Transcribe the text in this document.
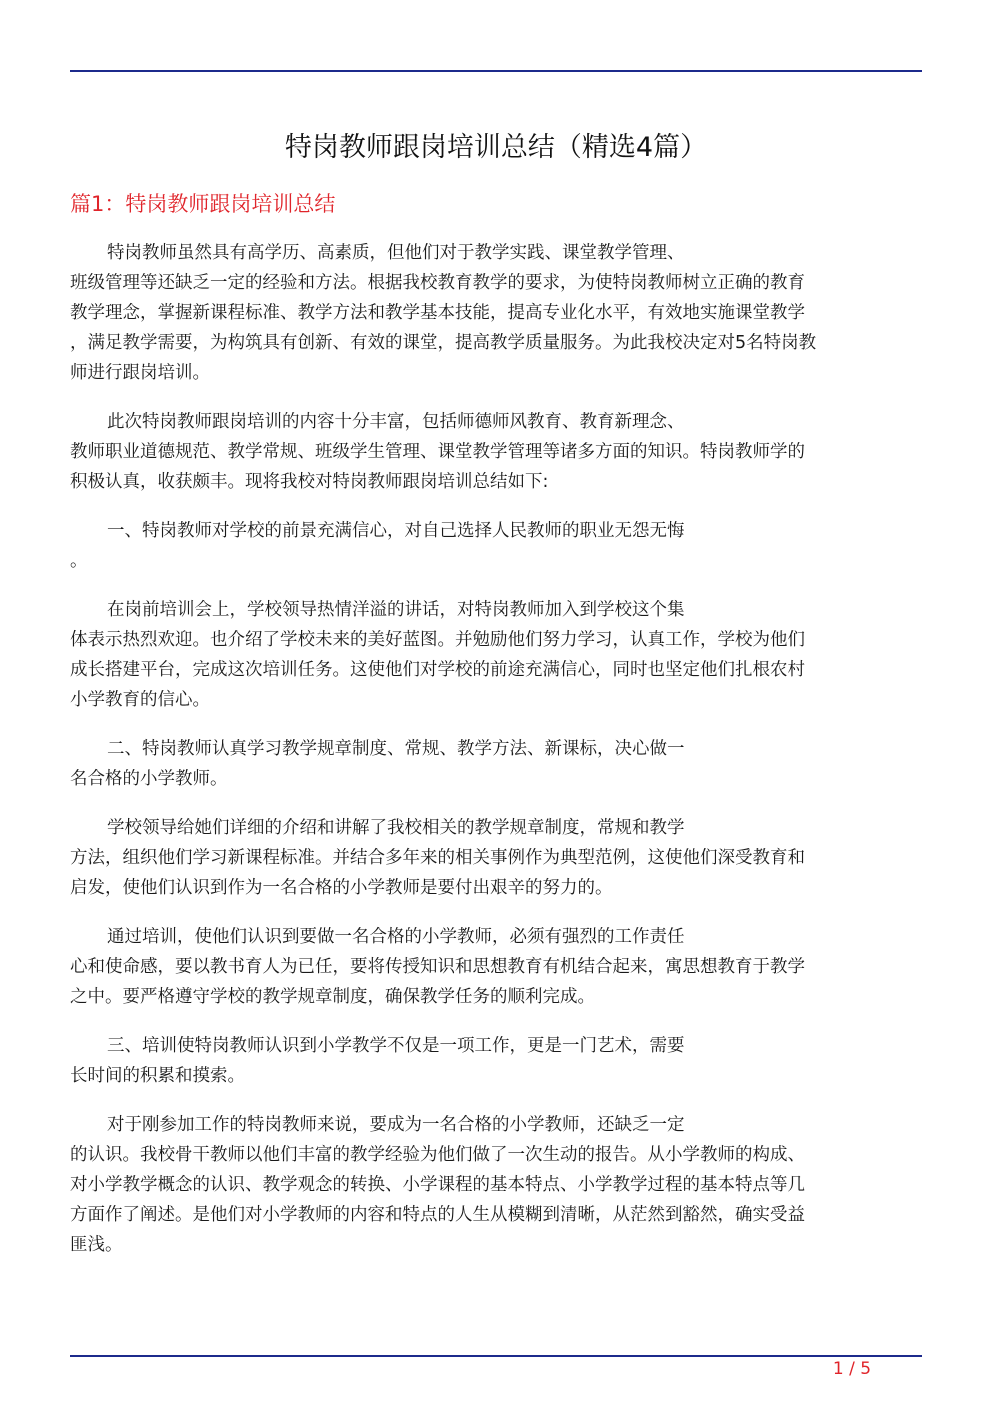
特岗教师跟岗培训总结（精选4篇）
篇1：特岗教师跟岗培训总结
特岗教师虽然具有高学历、高素质，但他们对于教学实践、课堂教学管理、
班级管理等还缺乏一定的经验和方法。根据我校教育教学的要求，为使特岗教师树立正确的教育
教学理念，掌握新课程标准、教学方法和教学基本技能，提高专业化水平，有效地实施课堂教学
，满足教学需要，为构筑具有创新、有效的课堂，提高教学质量服务。为此我校决定对5名特岗教
师进行跟岗培训。
此次特岗教师跟岗培训的内容十分丰富，包括师德师风教育、教育新理念、
教师职业道德规范、教学常规、班级学生管理、课堂教学管理等诸多方面的知识。特岗教师学的
积极认真，收获颇丰。现将我校对特岗教师跟岗培训总结如下:
一、特岗教师对学校的前景充满信心，对自己选择人民教师的职业无怨无悔
。
在岗前培训会上，学校领导热情洋溢的讲话，对特岗教师加入到学校这个集
体表示热烈欢迎。也介绍了学校未来的美好蓝图。并勉励他们努力学习，认真工作，学校为他们
成长搭建平台，完成这次培训任务。这使他们对学校的前途充满信心，同时也坚定他们扎根农村
小学教育的信心。
二、特岗教师认真学习教学规章制度、常规、教学方法、新课标，决心做一
名合格的小学教师。
学校领导给她们详细的介绍和讲解了我校相关的教学规章制度，常规和教学
方法，组织他们学习新课程标准。并结合多年来的相关事例作为典型范例，这使他们深受教育和
启发，使他们认识到作为一名合格的小学教师是要付出艰辛的努力的。
通过培训，使他们认识到要做一名合格的小学教师，必须有强烈的工作责任
心和使命感，要以教书育人为已任，要将传授知识和思想教育有机结合起来，寓思想教育于教学
之中。要严格遵守学校的教学规章制度，确保教学任务的顺利完成。
三、培训使特岗教师认识到小学教学不仅是一项工作，更是一门艺术，需要
长时间的积累和摸索。
对于刚参加工作的特岗教师来说，要成为一名合格的小学教师，还缺乏一定
的认识。我校骨干教师以他们丰富的教学经验为他们做了一次生动的报告。从小学教师的构成、
对小学教学概念的认识、教学观念的转换、小学课程的基本特点、小学教学过程的基本特点等几
方面作了阐述。是他们对小学教师的内容和特点的人生从模糊到清晰，从茫然到豁然，确实受益
匪浅。
1 / 5
